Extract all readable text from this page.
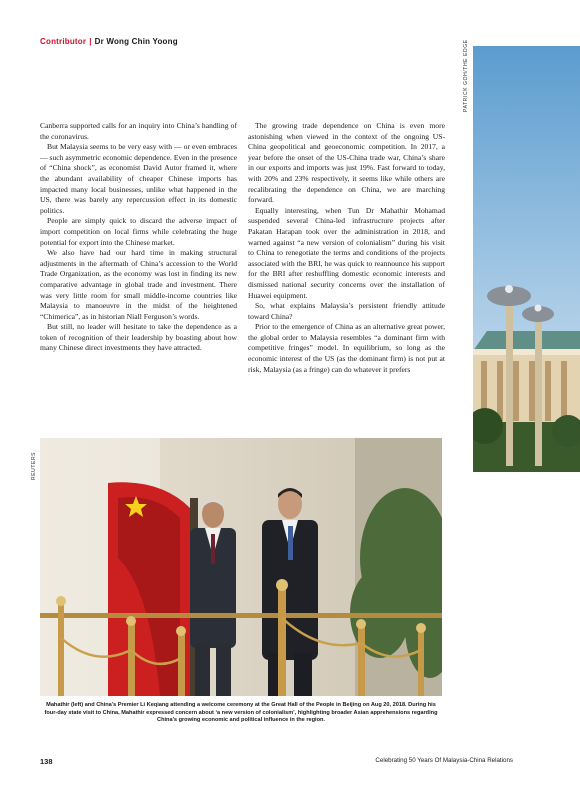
Contributor | Dr Wong Chin Yoong

Canberra supported calls for an inquiry into China’s handling of the coronavirus.

But Malaysia seems to be very easy with — or even embraces — such asymmetric economic dependence. Even in the presence of “China shock”, as economist David Autor framed it, where the abundant availability of cheaper Chinese imports has impacted many local businesses, unlike what happened in the US, there was barely any repercussion effect in its domestic politics.

People are simply quick to discard the adverse impact of import competition on local firms while celebrating the huge potential for export into the Chinese market.

We also have had our hard time in making structural adjustments in the aftermath of China’s accession to the World Trade Organization, as the economy was lost in finding its new comparative advantage in global trade and investment. There was very little room for small middle-income countries like Malaysia to manoeuvre in the midst of the heightened “Chimerica”, as in historian Niall Ferguson’s words.

But still, no leader will hesitate to take the dependence as a token of recognition of their leadership by boasting about how many Chinese direct investments they have attracted.

The growing trade dependence on China is even more astonishing when viewed in the context of the ongoing US-China geopolitical and geoeconomic competition. In 2017, a year before the onset of the US-China trade war, China’s share in our exports and imports was just 19%. Fast forward to today, with 20% and 23% respectively, it seems like while others are recalibrating the dependence on China, we are marching forward.

Equally interesting, when Tun Dr Mahathir Mohamad suspended several China-led infrastructure projects after Pakatan Harapan took over the administration in 2018, and warned against “a new version of colonialism” during his visit to China to renegotiate the terms and conditions of the projects associated with the BRI, he was quick to reannounce his support for the BRI after reshuffling domestic economic interests and dismissed national security concerns over the installation of Huawei equipment.

So, what explains Malaysia’s persistent friendly attitude toward China?

Prior to the emergence of China as an alternative great power, the global order to Malaysia resembles “a dominant firm with competitive fringes” model. In equilibrium, so long as the economic interest of the US (as the dominant firm) is not put at risk, Malaysia (as a fringe) can do whatever it prefers

PATRICK GOH/THE EDGE
REUTERS
Mahathir (left) and China’s Premier Li Keqiang attending a welcome ceremony at the Great Hall of the People in Beijing on Aug 20, 2018. During his four-day state visit to China, Mahathir expressed concern about ‘a new version of colonialism’, highlighting broader Asian apprehensions regarding China’s growing economic and political influence in the region.
138	Celebrating 50 Years Of Malaysia-China Relations
